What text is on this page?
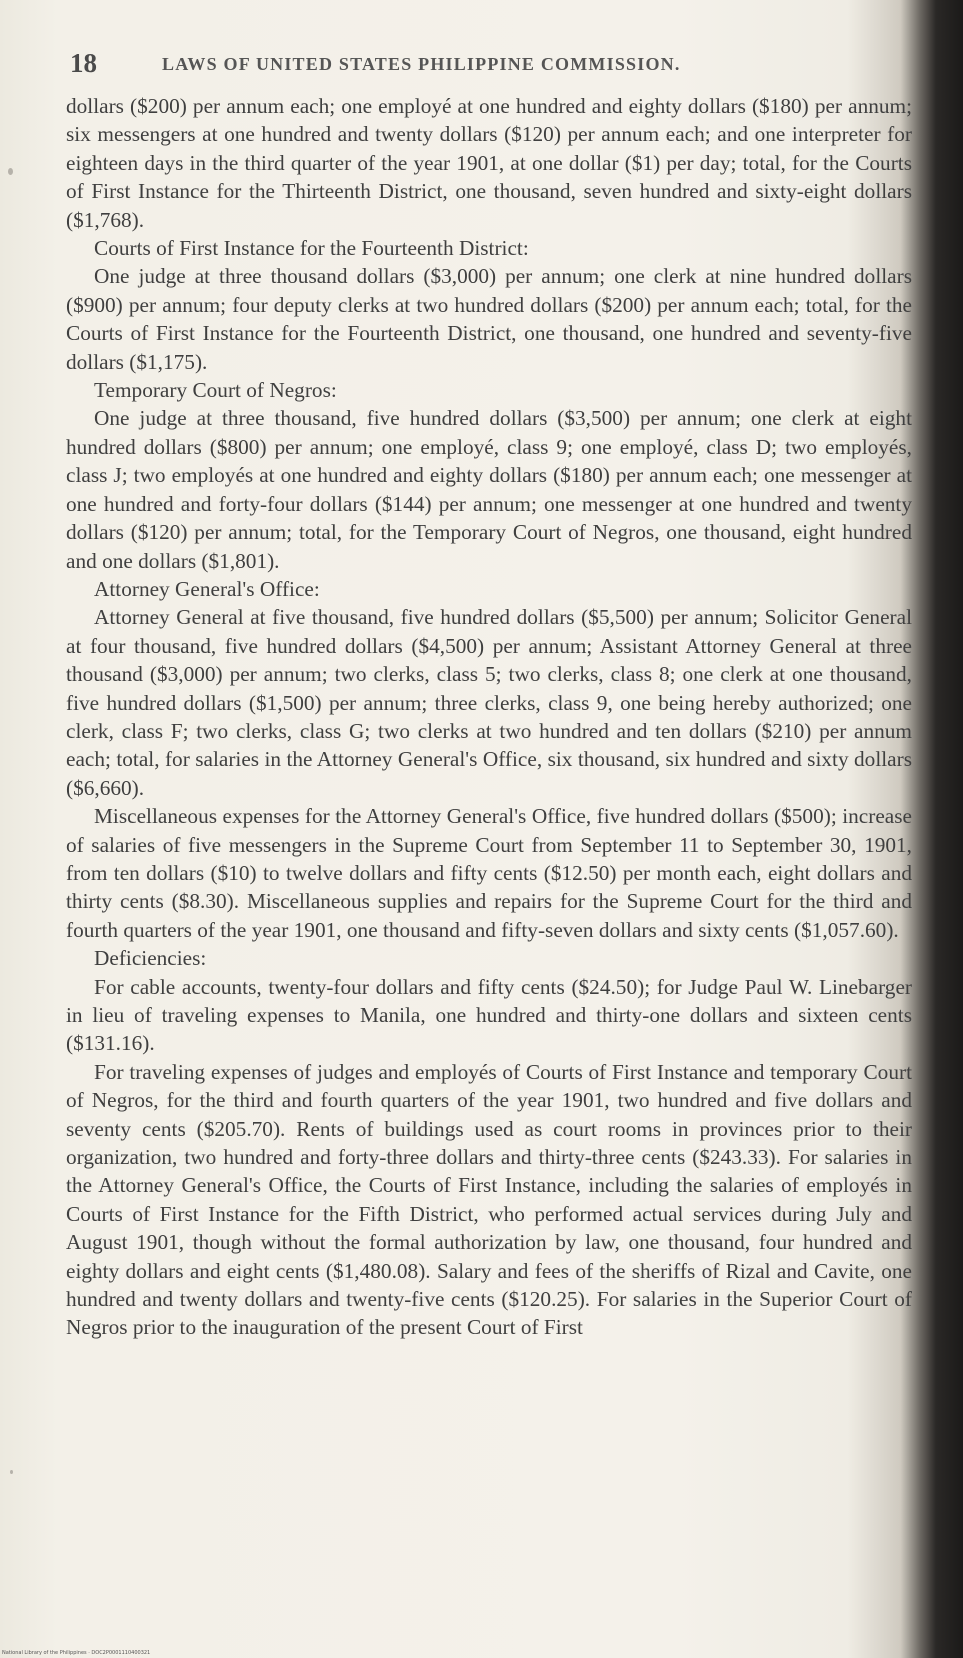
18	LAWS OF UNITED STATES PHILIPPINE COMMISSION.

dollars ($200) per annum each; one employé at one hundred and eighty dollars ($180) per annum; six messengers at one hundred and twenty dollars ($120) per annum each; and one interpreter for eighteen days in the third quarter of the year 1901, at one dollar ($1) per day; total, for the Courts of First Instance for the Thirteenth District, one thousand, seven hundred and sixty-eight dollars ($1,768).

Courts of First Instance for the Fourteenth District:

One judge at three thousand dollars ($3,000) per annum; one clerk at nine hundred dollars ($900) per annum; four deputy clerks at two hundred dollars ($200) per annum each; total, for the Courts of First Instance for the Fourteenth District, one thousand, one hundred and seventy-five dollars ($1,175).

Temporary Court of Negros:

One judge at three thousand, five hundred dollars ($3,500) per annum; one clerk at eight hundred dollars ($800) per annum; one employé, class 9; one employé, class D; two employés, class J; two employés at one hundred and eighty dollars ($180) per annum each; one messenger at one hundred and forty-four dollars ($144) per annum; one messenger at one hundred and twenty dollars ($120) per annum; total, for the Temporary Court of Negros, one thousand, eight hundred and one dollars ($1,801).

Attorney General's Office:

Attorney General at five thousand, five hundred dollars ($5,500) per annum; Solicitor General at four thousand, five hundred dollars ($4,500) per annum; Assistant Attorney General at three thousand ($3,000) per annum; two clerks, class 5; two clerks, class 8; one clerk at one thousand, five hundred dollars ($1,500) per annum; three clerks, class 9, one being hereby authorized; one clerk, class F; two clerks, class G; two clerks at two hundred and ten dollars ($210) per annum each; total, for salaries in the Attorney General's Office, six thousand, six hundred and sixty dollars ($6,660).

Miscellaneous expenses for the Attorney General's Office, five hundred dollars ($500); increase of salaries of five messengers in the Supreme Court from September 11 to September 30, 1901, from ten dollars ($10) to twelve dollars and fifty cents ($12.50) per month each, eight dollars and thirty cents ($8.30). Miscellaneous supplies and repairs for the Supreme Court for the third and fourth quarters of the year 1901, one thousand and fifty-seven dollars and sixty cents ($1,057.60).

Deficiencies:

For cable accounts, twenty-four dollars and fifty cents ($24.50); for Judge Paul W. Linebarger in lieu of traveling expenses to Manila, one hundred and thirty-one dollars and sixteen cents ($131.16).

For traveling expenses of judges and employés of Courts of First Instance and temporary Court of Negros, for the third and fourth quarters of the year 1901, two hundred and five dollars and seventy cents ($205.70). Rents of buildings used as court rooms in provinces prior to their organization, two hundred and forty-three dollars and thirty-three cents ($243.33). For salaries in the Attorney General's Office, the Courts of First Instance, including the salaries of employés in Courts of First Instance for the Fifth District, who performed actual services during July and August 1901, though without the formal authorization by law, one thousand, four hundred and eighty dollars and eight cents ($1,480.08). Salary and fees of the sheriffs of Rizal and Cavite, one hundred and twenty dollars and twenty-five cents ($120.25). For salaries in the Superior Court of Negros prior to the inauguration of the present Court of First

National Library of the Philippines · DOC2P0001110400321
